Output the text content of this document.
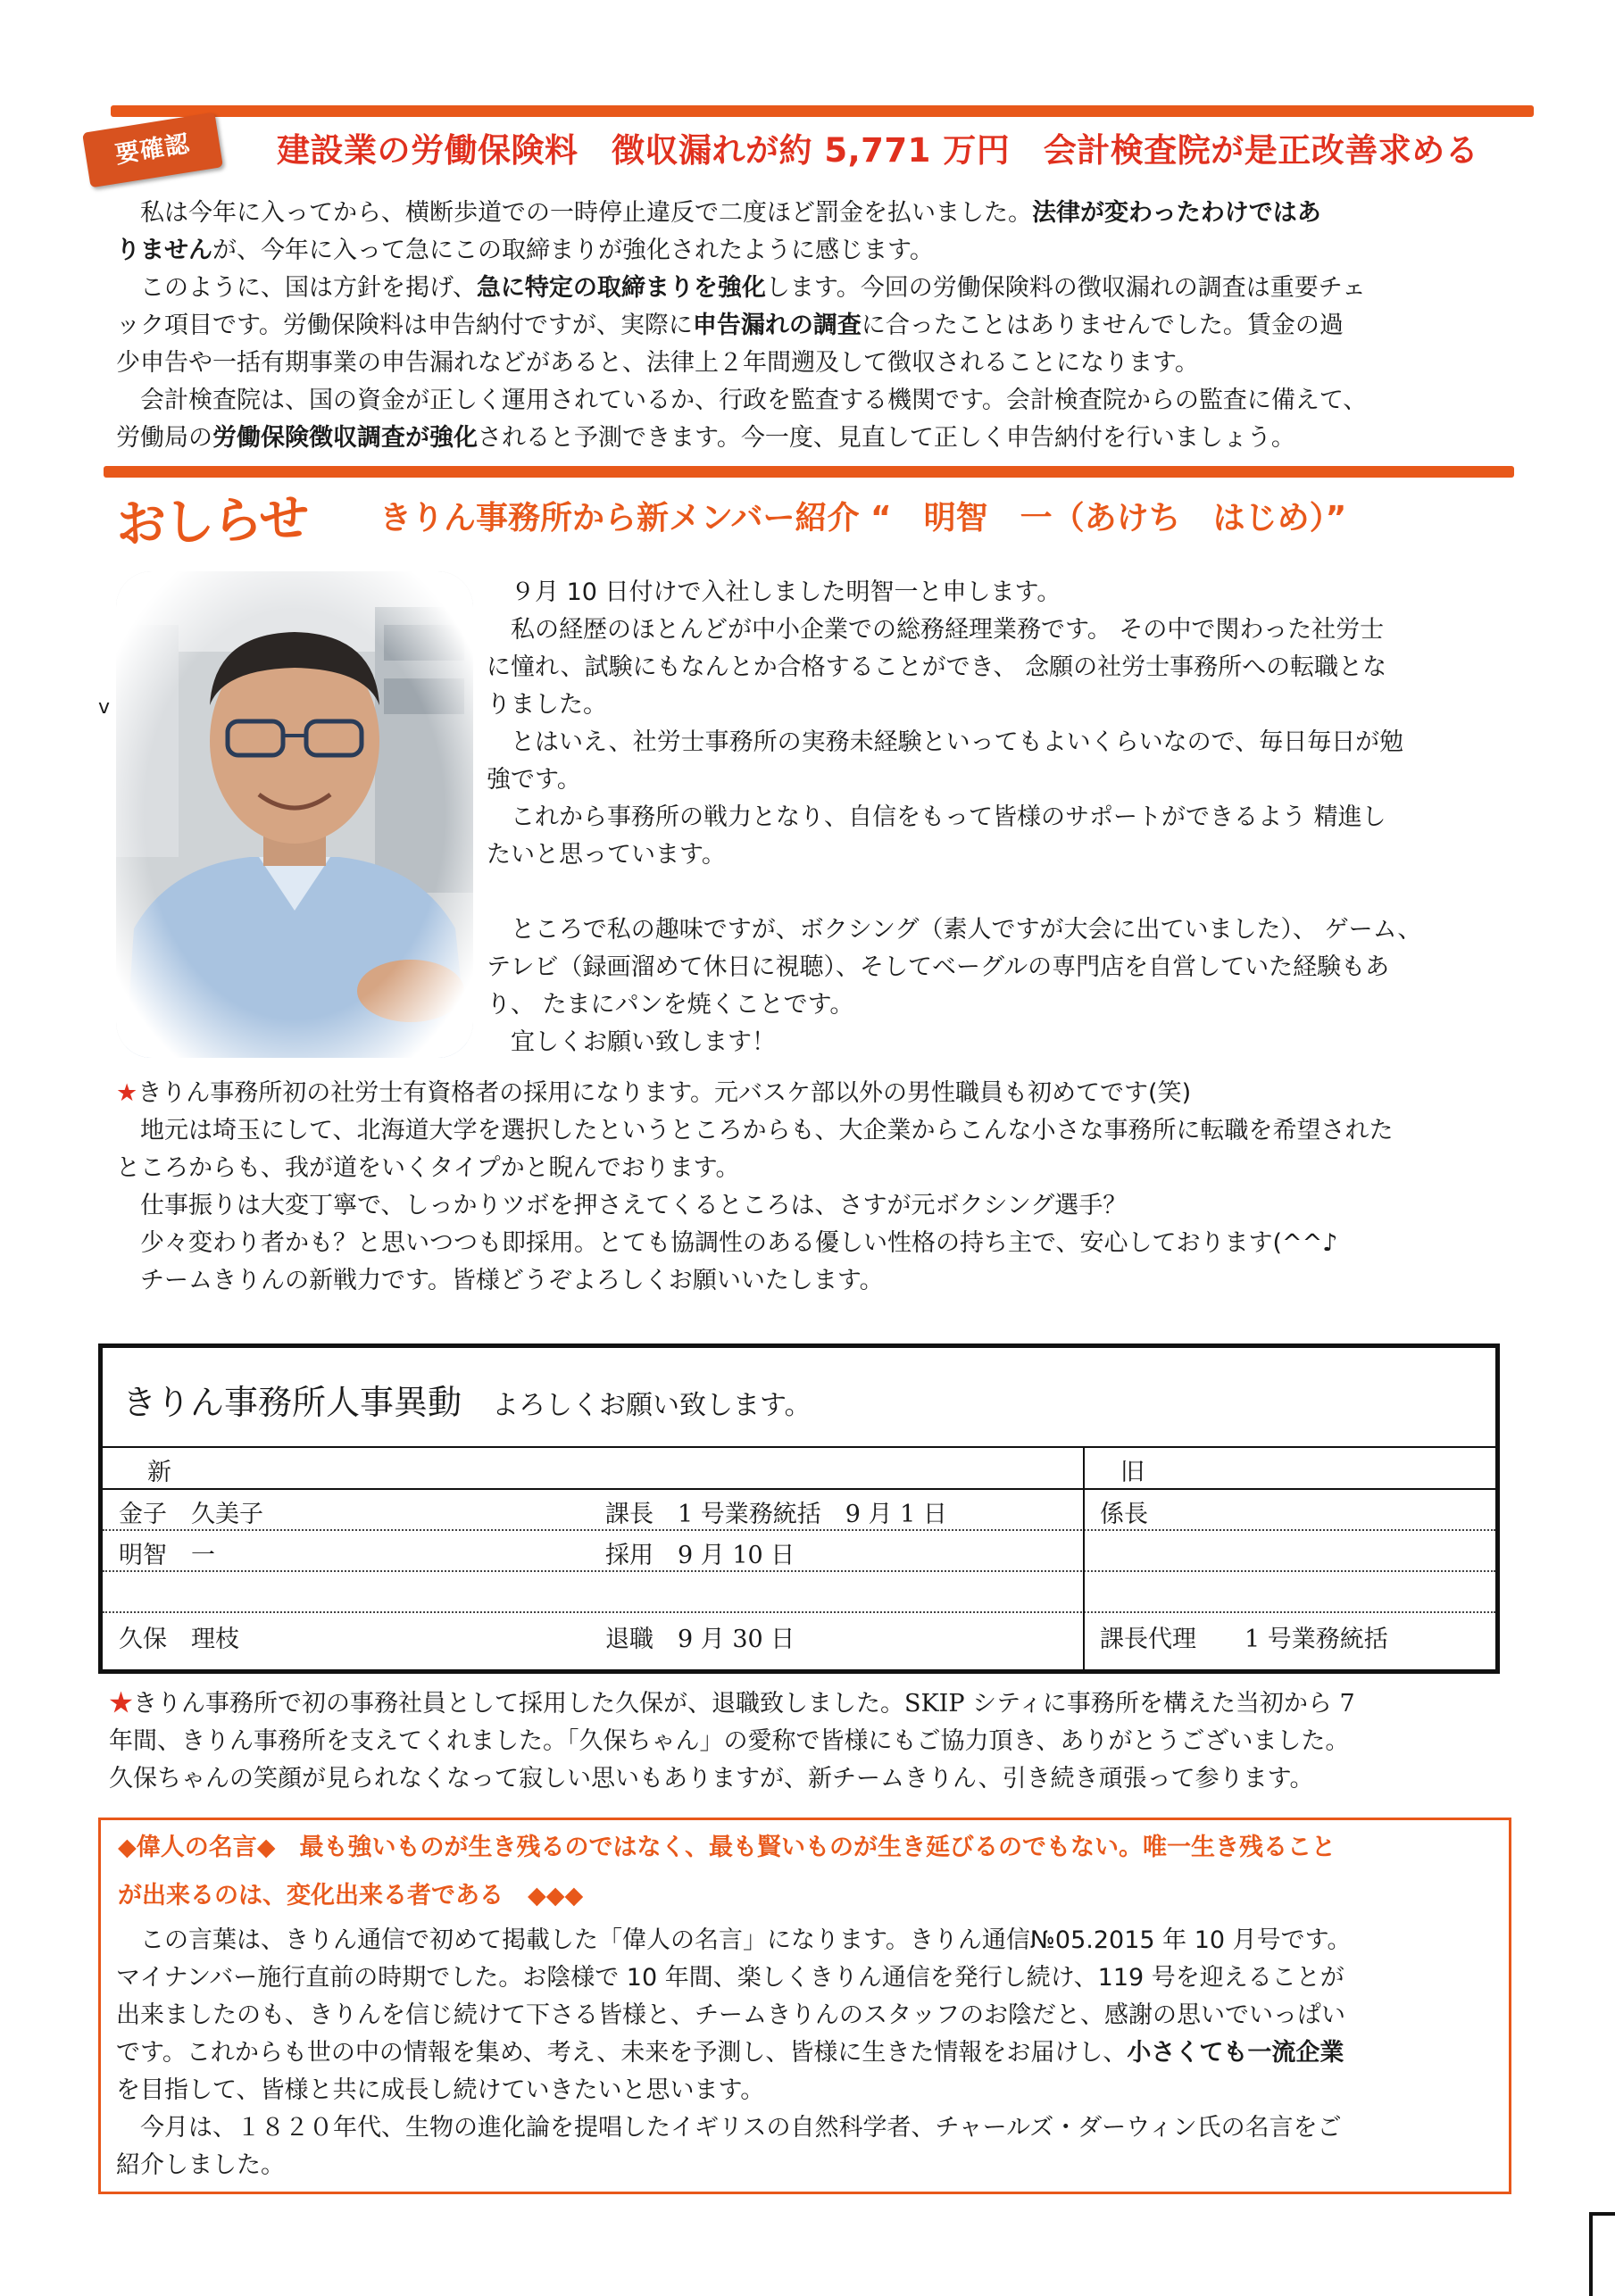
要確認	建設業の労働保険料　徴収漏れが約 5,771 万円　会計検査院が是正改善求める

　私は今年に入ってから、横断歩道での一時停止違反で二度ほど罰金を払いました。法律が変わったわけではあ

りませんが、今年に入って急にこの取締まりが強化されたように感じます。

　このように、国は方針を掲げ、急に特定の取締まりを強化します。今回の労働保険料の徴収漏れの調査は重要チェ

ック項目です。労働保険料は申告納付ですが、実際に申告漏れの調査に合ったことはありませんでした。賃金の過

少申告や一括有期事業の申告漏れなどがあると、法律上２年間遡及して徴収されることになります。

　会計検査院は、国の資金が正しく運用されているか、行政を監査する機関です。会計検査院からの監査に備えて、

労働局の労働保険徴収調査が強化されると予測できます。今一度、見直して正しく申告納付を行いましょう。

おしらせ きりん事務所から新メンバー紹介 “　明智　一（あけち　はじめ）”
v

　９月 10 日付けで入社しました明智一と申します。

　私の経歴のほとんどが中小企業での総務経理業務です。 その中で関わった社労士

に憧れ、試験にもなんとか合格することができ、 念願の社労士事務所への転職とな

りました。

　とはいえ、社労士事務所の実務未経験といってもよいくらいなので、毎日毎日が勉

強です。

　これから事務所の戦力となり、自信をもって皆様のサポートができるよう 精進し

たいと思っています。

　ところで私の趣味ですが、ボクシング（素人ですが大会に出ていました）、 ゲーム、

テレビ（録画溜めて休日に視聴）、そしてベーグルの専門店を自営していた経験もあ

り、 たまにパンを焼くことです。

　宜しくお願い致します！

★きりん事務所初の社労士有資格者の採用になります。元バスケ部以外の男性職員も初めてです(笑)

　地元は埼玉にして、北海道大学を選択したというところからも、大企業からこんな小さな事務所に転職を希望された

ところからも、我が道をいくタイプかと睨んでおります。

　仕事振りは大変丁寧で、しっかりツボを押さえてくるところは、さすが元ボクシング選手？

　少々変わり者かも？と思いつつも即採用。とても協調性のある優しい性格の持ち主で、安心しております(^^♪

　チームきりんの新戦力です。皆様どうぞよろしくお願いいたします。

きりん事務所人事異動 よろしくお願い致します。
新	旧
金子　久美子	課長　1 号業務統括　9 月 1 日	係長
明智　一	採用　9 月 10 日
久保　理枝	退職　9 月 30 日	課長代理　　1 号業務統括

★きりん事務所で初の事務社員として採用した久保が、退職致しました。SKIP シティに事務所を構えた当初から 7

年間、きりん事務所を支えてくれました。「久保ちゃん」の愛称で皆様にもご協力頂き、ありがとうございました。

久保ちゃんの笑顔が見られなくなって寂しい思いもありますが、新チームきりん、引き続き頑張って参ります。

◆偉人の名言◆　最も強いものが生き残るのではなく、最も賢いものが生き延びるのでもない。唯一生き残ること

が出来るのは、変化出来る者である　◆◆◆

　この言葉は、きりん通信で初めて掲載した「偉人の名言」になります。きりん通信№05.2015 年 10 月号です。

マイナンバー施行直前の時期でした。お陰様で 10 年間、楽しくきりん通信を発行し続け、119 号を迎えることが

出来ましたのも、きりんを信じ続けて下さる皆様と、チームきりんのスタッフのお陰だと、感謝の思いでいっぱい

です。これからも世の中の情報を集め、考え、未来を予測し、皆様に生きた情報をお届けし、小さくても一流企業

を目指して、皆様と共に成長し続けていきたいと思います。

　今月は、１８２０年代、生物の進化論を提唱したイギリスの自然科学者、チャールズ・ダーウィン氏の名言をご

紹介しました。
